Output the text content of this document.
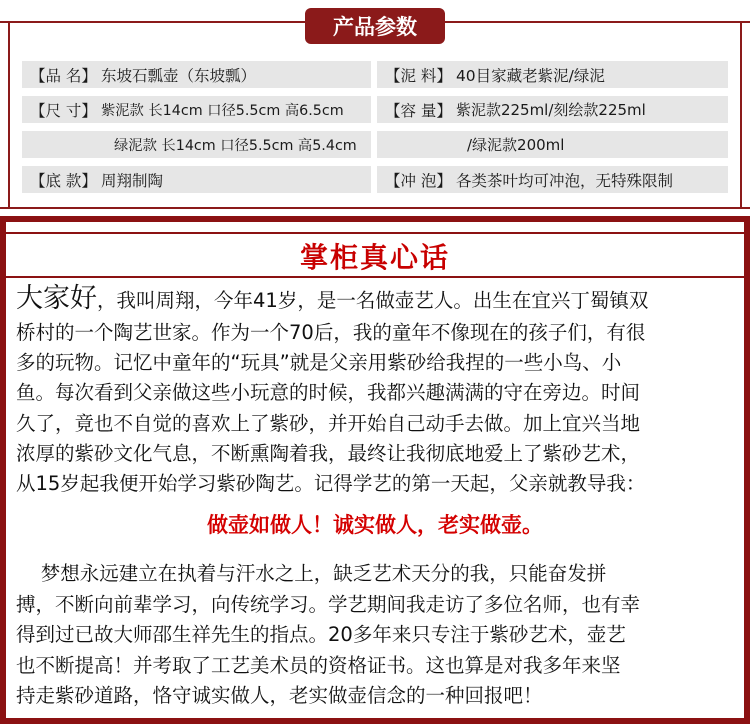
产品参数
【品 名】 东坡石瓢壶（东坡瓢）	【泥 料】 40目家藏老紫泥/绿泥
【尺 寸】 紫泥款 长14cm 口径5.5cm 高6.5cm	【容 量】 紫泥款225ml/刻绘款225ml
绿泥款 长14cm 口径5.5cm 高5.4cm	/绿泥款200ml
【底 款】 周翔制陶	【冲 泡】 各类茶叶均可冲泡，无特殊限制
掌柜真心话
大家好，我叫周翔，今年41岁，是一名做壶艺人。出生在宜兴丁蜀镇双
桥村的一个陶艺世家。作为一个70后，我的童年不像现在的孩子们，有很
多的玩物。记忆中童年的“玩具”就是父亲用紫砂给我捏的一些小鸟、小
鱼。每次看到父亲做这些小玩意的时候，我都兴趣满满的守在旁边。时间
久了，竟也不自觉的喜欢上了紫砂，并开始自己动手去做。加上宜兴当地
浓厚的紫砂文化气息，不断熏陶着我，最终让我彻底地爱上了紫砂艺术，
从15岁起我便开始学习紫砂陶艺。记得学艺的第一天起，父亲就教导我：
做壶如做人！诚实做人，老实做壶。
梦想永远建立在执着与汗水之上，缺乏艺术天分的我，只能奋发拼
搏，不断向前辈学习，向传统学习。学艺期间我走访了多位名师，也有幸
得到过已故大师邵生祥先生的指点。20多年来只专注于紫砂艺术，壶艺
也不断提高！并考取了工艺美术员的资格证书。这也算是对我多年来坚
持走紫砂道路，恪守诚实做人，老实做壶信念的一种回报吧！
